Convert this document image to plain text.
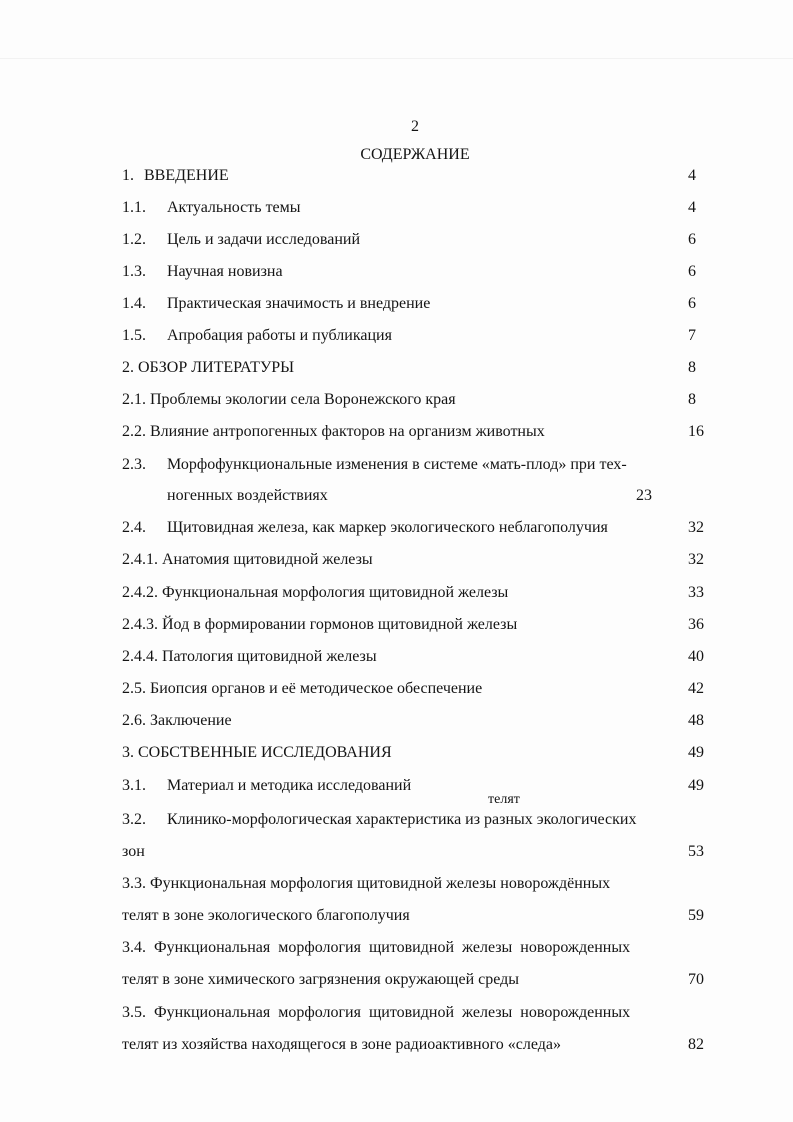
2
СОДЕРЖАНИЕ
1. ВВЕДЕНИЕ	4
1.1. Актуальность темы	4
1.2. Цель и задачи исследований	6
1.3. Научная новизна	6
1.4. Практическая значимость и внедрение	6
1.5. Апробация работы и публикация	7
2. ОБЗОР ЛИТЕРАТУРЫ	8
2.1. Проблемы экологии села Воронежского края	8
2.2. Влияние антропогенных факторов на организм животных	16
2.3. Морфофункциональные изменения в системе «мать-плод» при тех-
ногенных воздействиях	23
2.4. Щитовидная железа, как маркер экологического неблагополучия	32
2.4.1. Анатомия щитовидной железы	32
2.4.2. Функциональная морфология щитовидной железы	33
2.4.3. Йод в формировании гормонов щитовидной железы	36
2.4.4. Патология щитовидной железы	40
2.5. Биопсия органов и её методическое обеспечение	42
2.6. Заключение	48
3. СОБСТВЕННЫЕ ИССЛЕДОВАНИЯ	49
3.1. Материал и методика исследований	49
телят
3.2. Клинико-морфологическая характеристика из разных экологических
зон	53
3.3. Функциональная морфология щитовидной железы новорождённых
телят в зоне экологического благополучия	59
3.4.  Функциональная  морфология  щитовидной  железы  новорожденных
телят в зоне химического загрязнения окружающей среды	70
3.5.  Функциональная  морфология  щитовидной  железы  новорожденных
телят из хозяйства находящегося в зоне радиоактивного «следа»	82
